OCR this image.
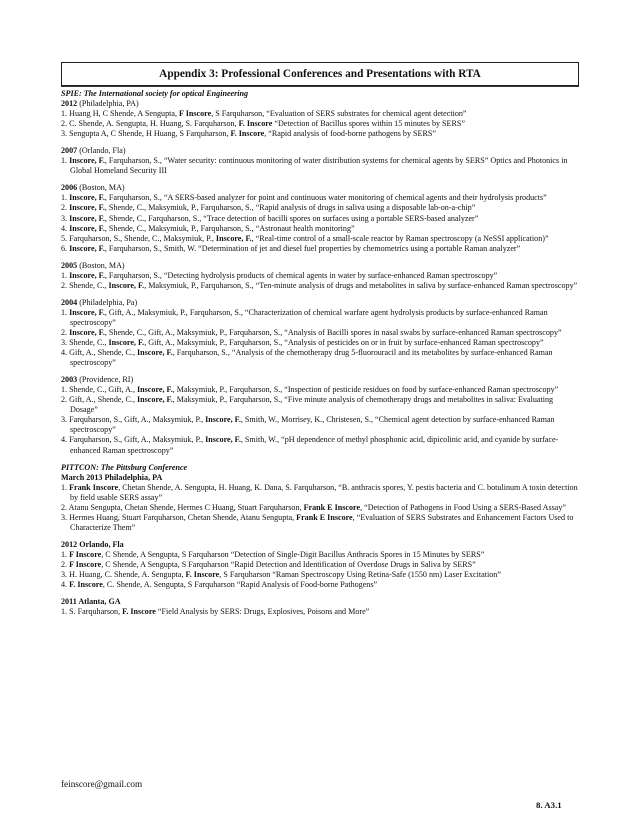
Appendix 3: Professional Conferences and Presentations with RTA
SPIE: The International society for optical Engineering
2012 (Philadelphia, PA)
1. Huang H, C Shende, A Sengupta, F Inscore, S Farquharson, “Evaluation of SERS substrates for chemical agent detection”
2. C. Shende, A. Sengupta, H. Huang, S. Farquharson, F. Inscore “Detection of Bacillus spores within 15 minutes by SERS”
3. Sengupta A, C Shende, H Huang, S Farquharson, F. Inscore, “Rapid analysis of food-borne pathogens by SERS”
2007 (Orlando, Fla)
1. Inscore, F., Farquharson, S., “Water security: continuous monitoring of water distribution systems for chemical agents by SERS” Optics and Photonics in Global Homeland Security III
2006 (Boston, MA)
1. Inscore, F., Farquharson, S., “A SERS-based analyzer for point and continuous water monitoring of chemical agents and their hydrolysis products”
2. Inscore, F., Shende, C., Maksymiuk, P., Farquharson, S., “Rapid analysis of drugs in saliva using a disposable lab-on-a-chip”
3. Inscore, F., Shende, C., Farquharson, S., “Trace detection of bacilli spores on surfaces using a portable SERS-based analyzer”
4. Inscore, F., Shende, C., Maksymiuk, P., Farquharson, S., “Astronaut health monitoring”
5. Farquharson, S., Shende, C., Maksymiuk, P., Inscore, F., “Real-time control of a small-scale reactor by Raman spectroscopy (a NeSSI application)”
6. Inscore, F., Farquharson, S., Smith, W. “Determination of jet and diesel fuel properties by chemometrics using a portable Raman analyzer”
2005 (Boston, MA)
1. Inscore, F., Farquharson, S., “Detecting hydrolysis products of chemical agents in water by surface-enhanced Raman spectroscopy”
2. Shende, C., Inscore, F., Maksymiuk, P., Farquharson, S., “Ten-minute analysis of drugs and metabolites in saliva by surface-enhanced Raman spectroscopy”
2004 (Philadelphia, Pa)
1. Inscore, F., Gift, A., Maksymiuk, P., Farquharson, S., “Characterization of chemical warfare agent hydrolysis products by surface-enhanced Raman spectroscopy”
2. Inscore, F., Shende, C., Gift, A., Maksymiuk, P., Farquharson, S., “Analysis of Bacilli spores in nasal swabs by surface-enhanced Raman spectroscopy”
3. Shende, C., Inscore, F., Gift, A., Maksymiuk, P., Farquharson, S., “Analysis of pesticides on or in fruit by surface-enhanced Raman spectroscopy”
4. Gift, A., Shende, C., Inscore, F., Farquharson, S., “Analysis of the chemotherapy drug 5-fluorouracil and its metabolites by surface-enhanced Raman spectroscopy”
2003 (Providence, RI)
1. Shende, C., Gift, A., Inscore, F., Maksymiuk, P., Farquharson, S., “Inspection of pesticide residues on food by surface-enhanced Raman spectroscopy”
2. Gift, A., Shende, C., Inscore, F., Maksymiuk, P., Farquharson, S., “Five minute analysis of chemotherapy drugs and metabolites in saliva: Evaluating Dosage”
3. Farquharson, S., Gift, A., Maksymiuk, P., Inscore, F., Smith, W., Morrisey, K., Christesen, S., “Chemical agent detection by surface-enhanced Raman spectroscopy”
4. Farquharson, S., Gift, A., Maksymiuk, P., Inscore, F., Smith, W., “pH dependence of methyl phosphonic acid, dipicolinic acid, and cyanide by surface-enhanced Raman spectroscopy”
PITTCON: The Pittsburg Conference
March 2013 Philadelphia, PA
1. Frank Inscore, Chetan Shende, A. Sengupta, H. Huang, K. Dana, S. Farquharson, “B. anthracis spores, Y. pestis bacteria and C. botulinum A toxin detection by field usable SERS assay”
2. Atanu Sengupta, Chetan Shende, Hermes C Huang, Stuart Farquharson, Frank E Inscore, “Detection of Pathogens in Food Using a SERS-Based Assay”
3. Hermes Huang, Stuart Farquharson, Chetan Shende, Atanu Sengupta, Frank E Inscore, “Evaluation of SERS Substrates and Enhancement Factors Used to Characterize Them”
2012 Orlando, Fla
1. F Inscore, C Shende, A Sengupta, S Farquharson “Detection of Single-Digit Bacillus Anthracis Spores in 15 Minutes by SERS”
2. F Inscore, C Shende, A Sengupta, S Farquharson “Rapid Detection and Identification of Overdose Drugs in Saliva by SERS”
3. H. Huang, C. Shende, A. Sengupta, F. Inscore, S Farquharson “Raman Spectroscopy Using Retina-Safe (1550 nm) Laser Excitation”
4. F. Inscore, C. Shende, A. Sengupta, S Farquharson “Rapid Analysis of Food-borne Pathogens”
2011 Atlanta, GA
1. S. Farquharson, F. Inscore “Field Analysis by SERS: Drugs, Explosives, Poisons and More”
feinscore@gmail.com
8. A3.1
